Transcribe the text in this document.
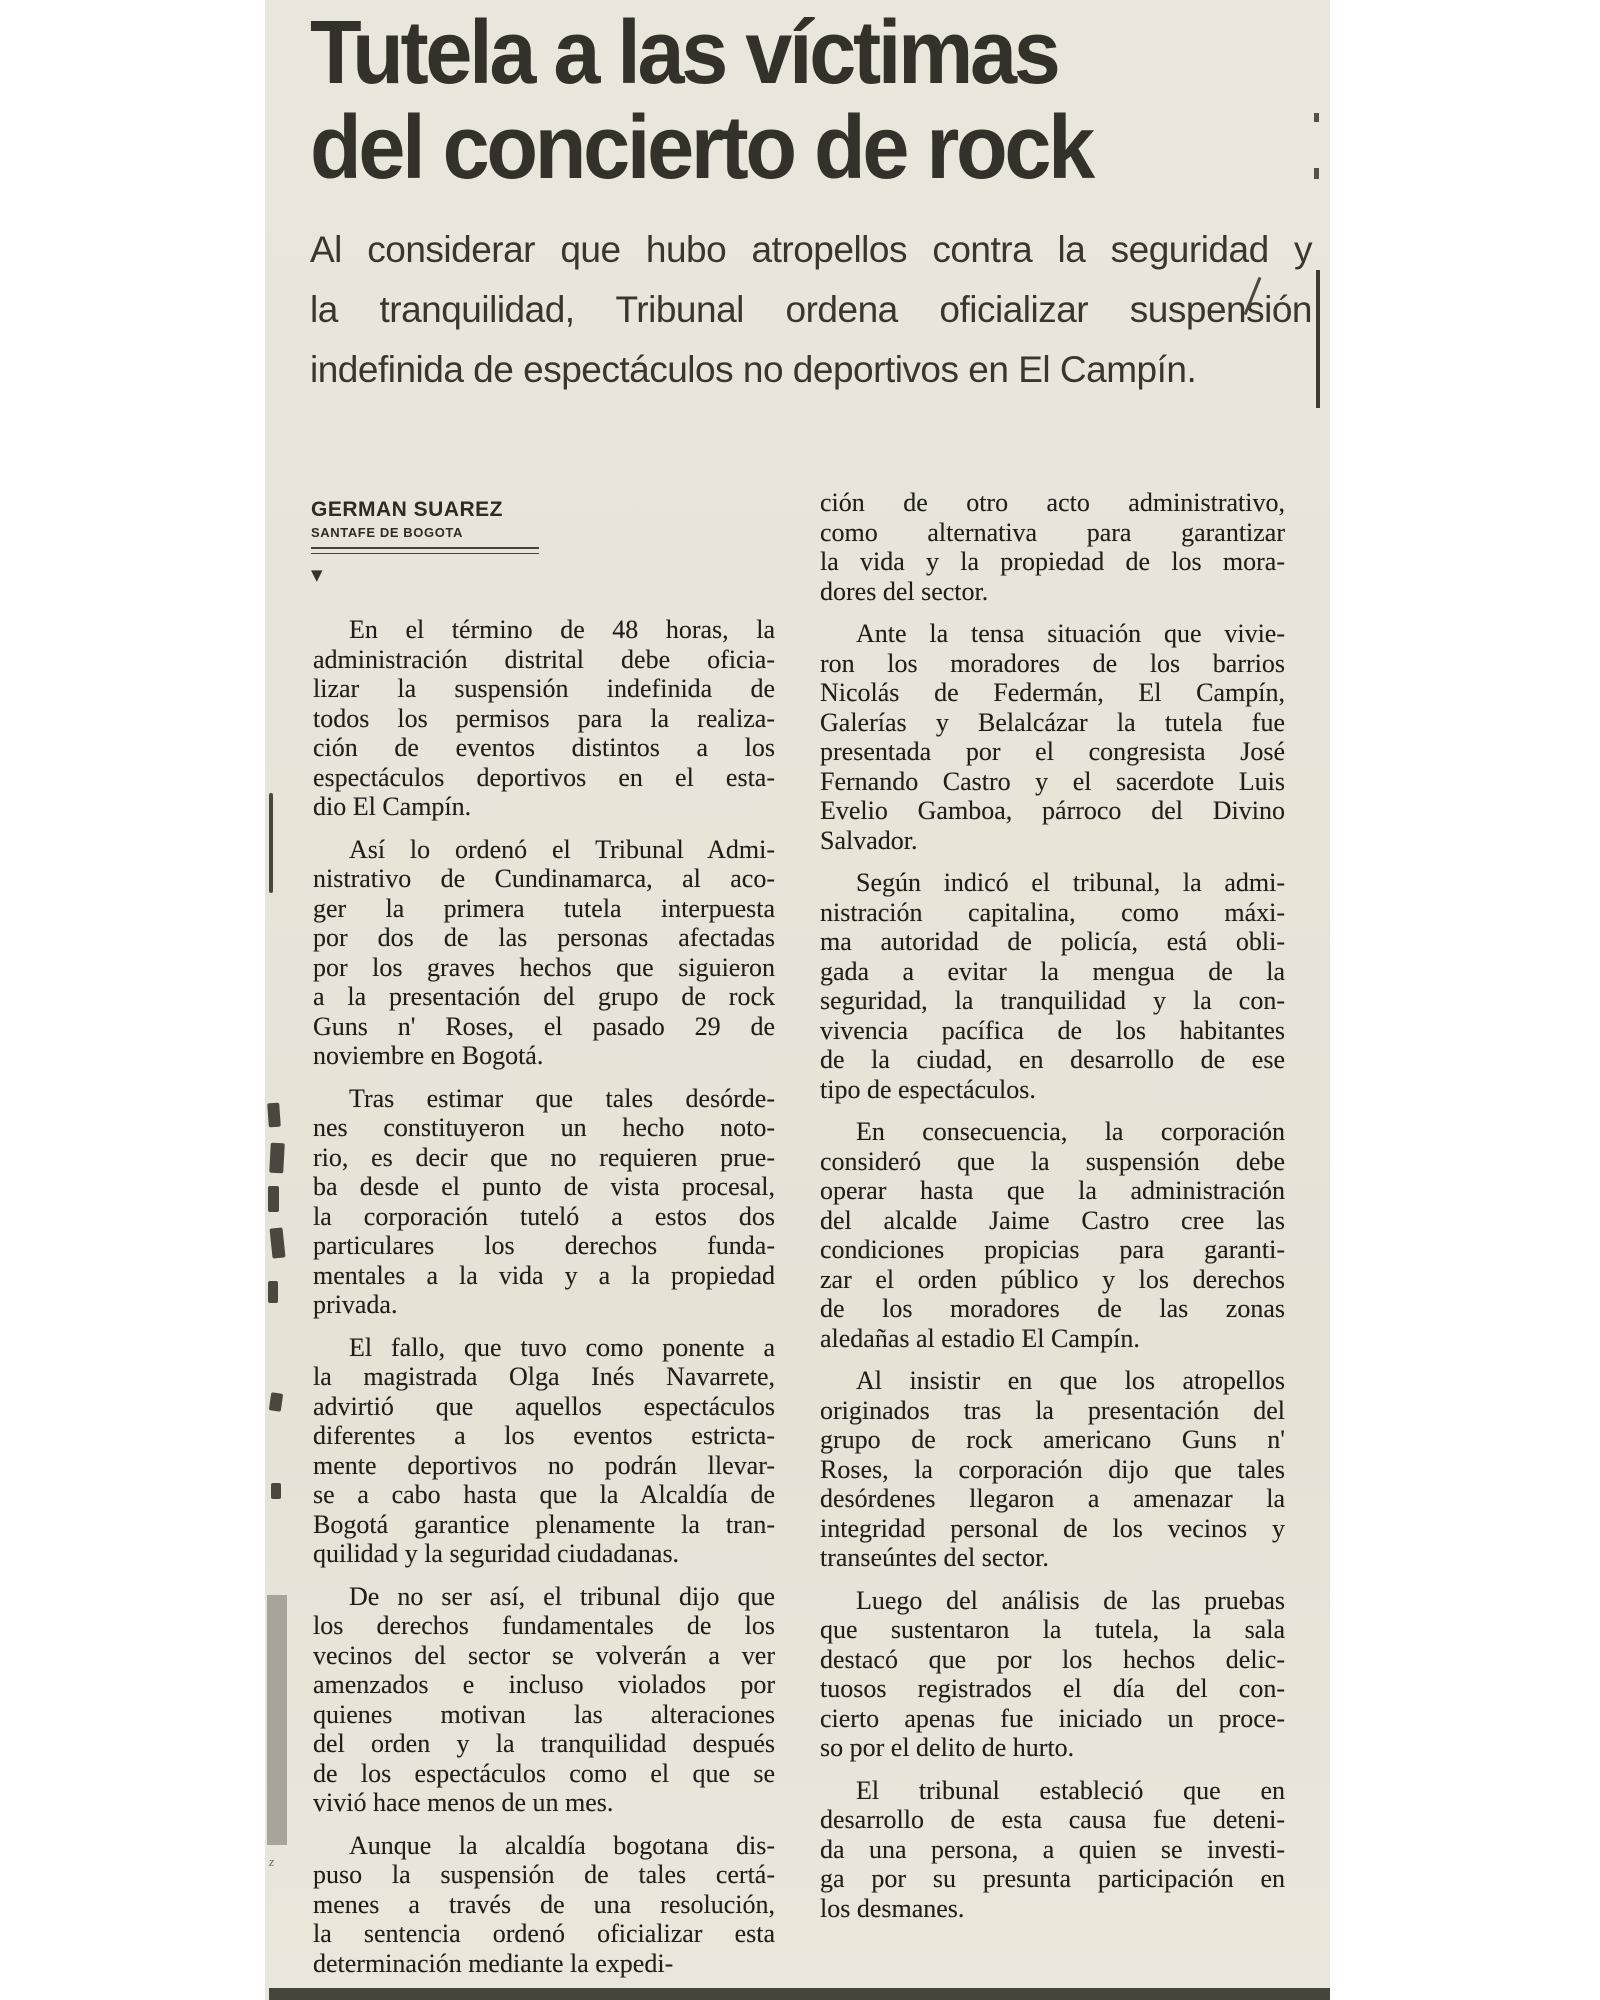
Tutela a las víctimas
del concierto de rock
Al considerar que hubo atropellos contra la seguridad y
la tranquilidad, Tribunal ordena oficializar suspensión
indefinida de espectáculos no deportivos en El Campín.
GERMAN SUAREZ
SANTAFE DE BOGOTA
▼
En el término de 48 horas, la
administración distrital debe oficia-
lizar la suspensión indefinida de
todos los permisos para la realiza-
ción de eventos distintos a los
espectáculos deportivos en el esta-
dio El Campín.
Así lo ordenó el Tribunal Admi-
nistrativo de Cundinamarca, al aco-
ger la primera tutela interpuesta
por dos de las personas afectadas
por los graves hechos que siguieron
a la presentación del grupo de rock
Guns n' Roses, el pasado 29 de
noviembre en Bogotá.
Tras estimar que tales desórde-
nes constituyeron un hecho noto-
rio, es decir que no requieren prue-
ba desde el punto de vista procesal,
la corporación tuteló a estos dos
particulares los derechos funda-
mentales a la vida y a la propiedad
privada.
El fallo, que tuvo como ponente a
la magistrada Olga Inés Navarrete,
advirtió que aquellos espectáculos
diferentes a los eventos estricta-
mente deportivos no podrán llevar-
se a cabo hasta que la Alcaldía de
Bogotá garantice plenamente la tran-
quilidad y la seguridad ciudadanas.
De no ser así, el tribunal dijo que
los derechos fundamentales de los
vecinos del sector se volverán a ver
amenzados e incluso violados por
quienes motivan las alteraciones
del orden y la tranquilidad después
de los espectáculos como el que se
vivió hace menos de un mes.
Aunque la alcaldía bogotana dis-
puso la suspensión de tales certá-
menes a través de una resolución,
la sentencia ordenó oficializar esta
determinación mediante la expedi-
ción de otro acto administrativo,
como alternativa para garantizar
la vida y la propiedad de los mora-
dores del sector.
Ante la tensa situación que vivie-
ron los moradores de los barrios
Nicolás de Federmán, El Campín,
Galerías y Belalcázar la tutela fue
presentada por el congresista José
Fernando Castro y el sacerdote Luis
Evelio Gamboa, párroco del Divino
Salvador.
Según indicó el tribunal, la admi-
nistración capitalina, como máxi-
ma autoridad de policía, está obli-
gada a evitar la mengua de la
seguridad, la tranquilidad y la con-
vivencia pacífica de los habitantes
de la ciudad, en desarrollo de ese
tipo de espectáculos.
En consecuencia, la corporación
consideró que la suspensión debe
operar hasta que la administración
del alcalde Jaime Castro cree las
condiciones propicias para garanti-
zar el orden público y los derechos
de los moradores de las zonas
aledañas al estadio El Campín.
Al insistir en que los atropellos
originados tras la presentación del
grupo de rock americano Guns n'
Roses, la corporación dijo que tales
desórdenes llegaron a amenazar la
integridad personal de los vecinos y
transeúntes del sector.
Luego del análisis de las pruebas
que sustentaron la tutela, la sala
destacó que por los hechos delic-
tuosos registrados el día del con-
cierto apenas fue iniciado un proce-
so por el delito de hurto.
El tribunal estableció que en
desarrollo de esta causa fue deteni-
da una persona, a quien se investi-
ga por su presunta participación en
los desmanes.
z
